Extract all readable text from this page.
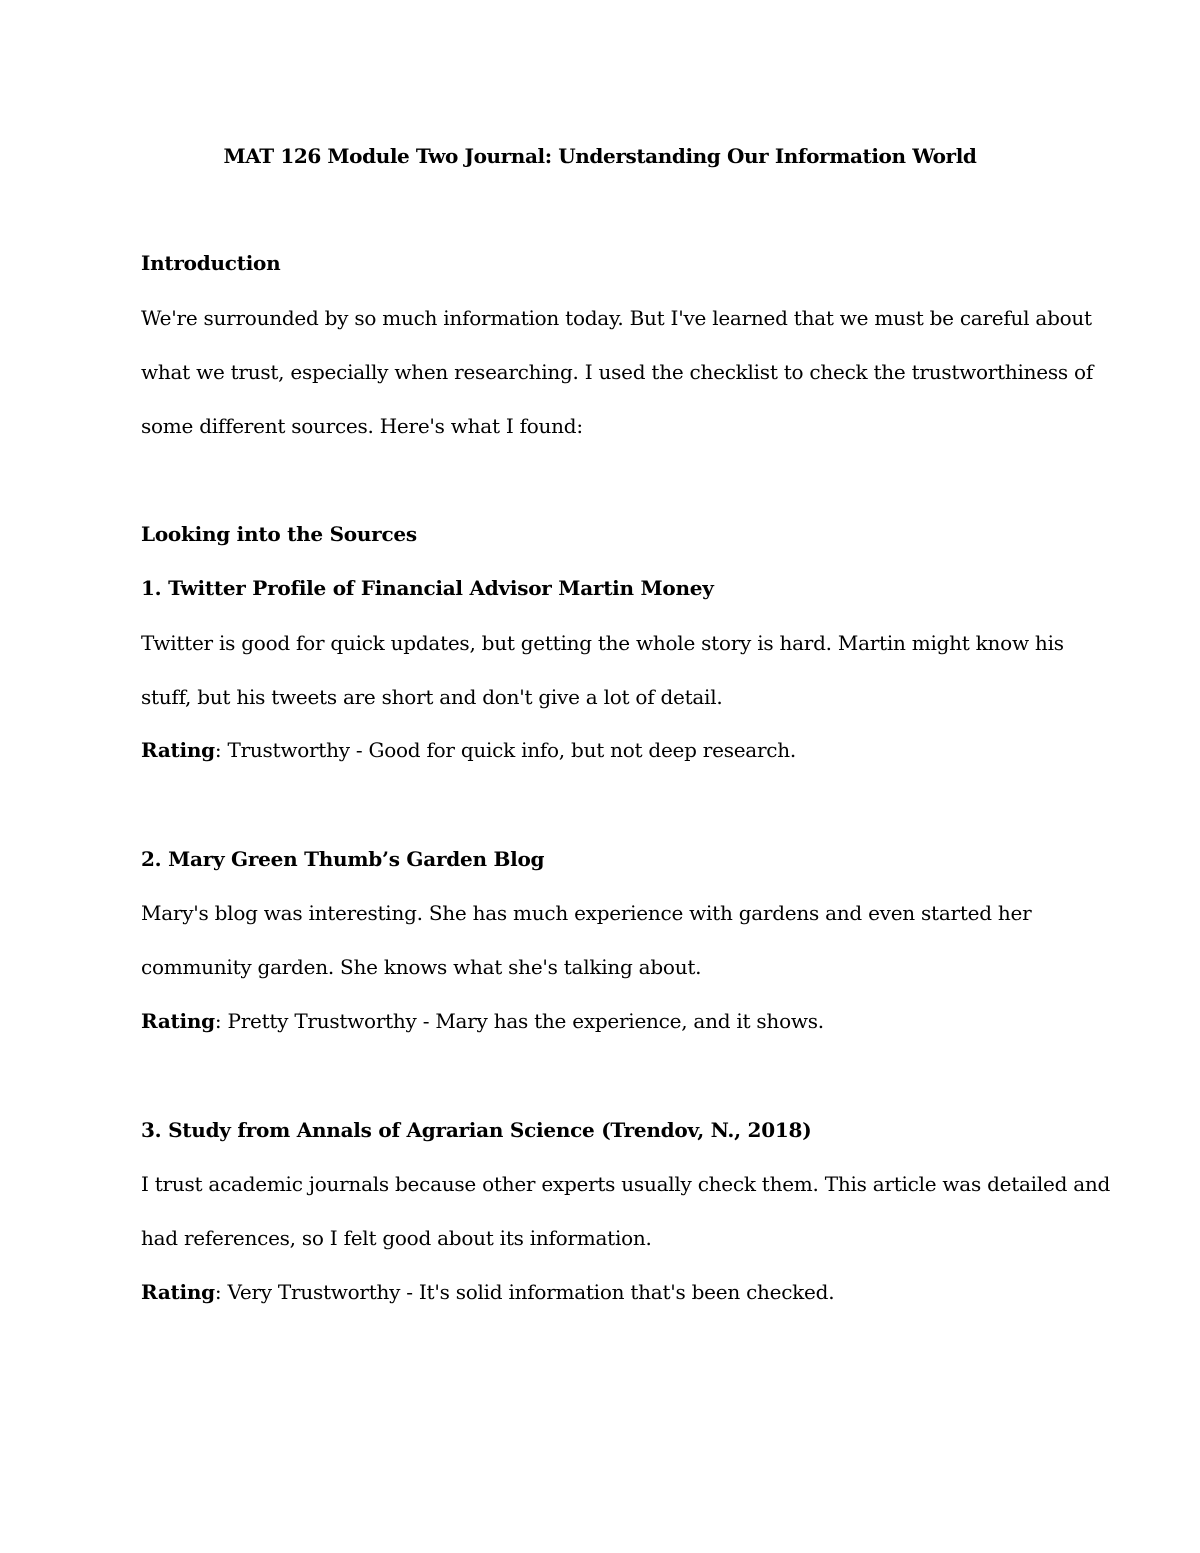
MAT 126 Module Two Journal: Understanding Our Information World

Introduction

We're surrounded by so much information today. But I've learned that we must be careful about

what we trust, especially when researching. I used the checklist to check the trustworthiness of

some different sources. Here's what I found:

Looking into the Sources

1. Twitter Profile of Financial Advisor Martin Money

Twitter is good for quick updates, but getting the whole story is hard. Martin might know his

stuff, but his tweets are short and don't give a lot of detail.

Rating: Trustworthy - Good for quick info, but not deep research.

2. Mary Green Thumb’s Garden Blog

Mary's blog was interesting. She has much experience with gardens and even started her

community garden. She knows what she's talking about.

Rating: Pretty Trustworthy - Mary has the experience, and it shows.

3. Study from Annals of Agrarian Science (Trendov, N., 2018)

I trust academic journals because other experts usually check them. This article was detailed and

had references, so I felt good about its information.

Rating: Very Trustworthy - It's solid information that's been checked.
